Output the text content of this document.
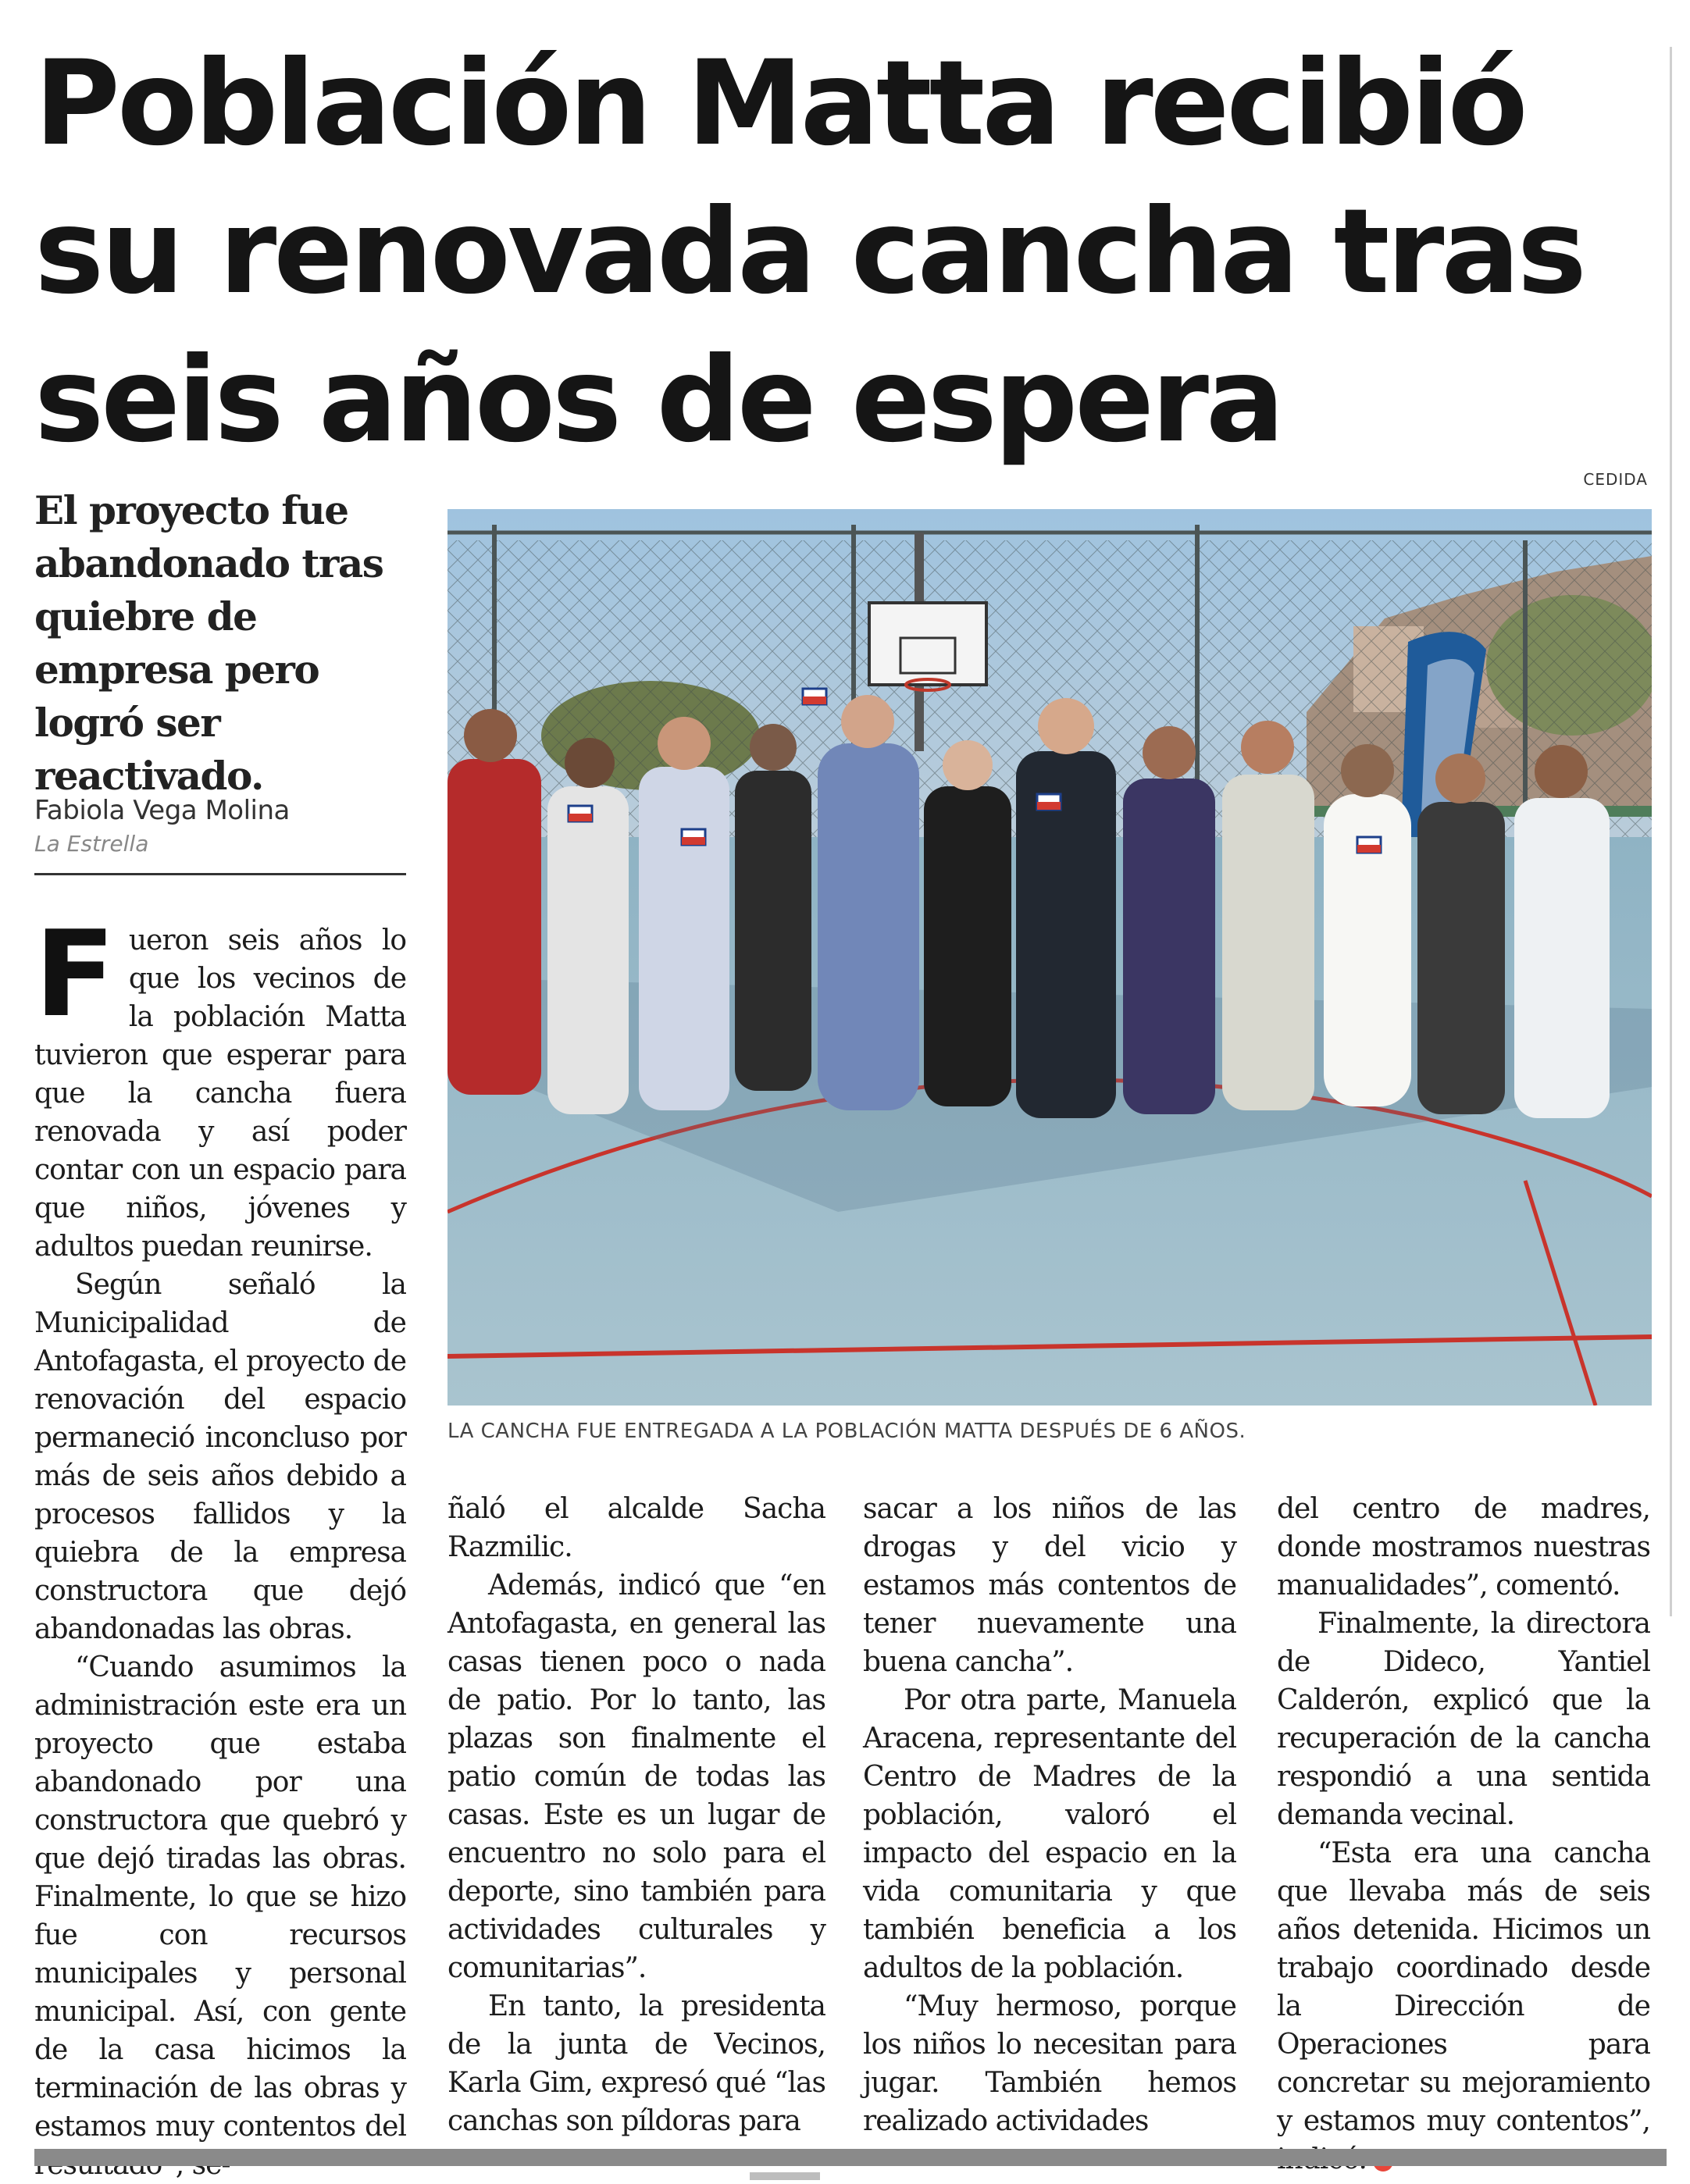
Población Matta recibió su renovada cancha tras seis años de espera
El proyecto fue abandonado tras quiebre de empresa pero logró ser reactivado.
Fabiola Vega Molina
La Estrella
CEDIDA
LA CANCHA FUE ENTREGADA A LA POBLACIÓN MATTA DESPUÉS DE 6 AÑOS.

Fueron seis años lo que los vecinos de la población Matta tuvieron que esperar para que la cancha fuera renovada y así poder contar con un espacio para que niños, jóvenes y adultos puedan reunirse.

Según señaló la Municipalidad de Antofagasta, el proyecto de renovación del espacio permaneció inconcluso por más de seis años debido a procesos fallidos y la quiebra de la empresa constructora que dejó abandonadas las obras.

“Cuando asumimos la administración este era un proyecto que estaba abandonado por una constructora que quebró y que dejó tiradas las obras. Finalmente, lo que se hizo fue con recursos municipales y personal municipal. Así, con gente de la casa hicimos la terminación de las obras y estamos muy contentos del

ñaló el alcalde Sacha Razmilic.

Además, indicó que “en Antofagasta, en general las casas tienen poco o nada de patio. Por lo tanto, las plazas son finalmente el patio común de todas las casas. Este es un lugar de encuentro no solo para el deporte, sino también para actividades culturales y comunitarias”.

En tanto, la presidenta de la junta de Vecinos, Karla Gim, expresó qué “las canchas son píldoras para

sacar a los niños de las drogas y del vicio y estamos más contentos de tener nuevamente una buena cancha”.

Por otra parte, Manuela Aracena, representante del Centro de Madres de la población, valoró el impacto del espacio en la vida comunitaria y que también beneficia a los adultos de la población.

“Muy hermoso, porque los niños lo necesitan para jugar. También hemos realizado actividades

del centro de madres, donde mostramos nuestras manualidades”, comentó.

Finalmente, la directora de Dideco, Yantiel Calderón, explicó que la recuperación de la cancha respondió a una sentida demanda vecinal.

“Esta era una cancha que llevaba más de seis años detenida. Hicimos un trabajo coordinado desde la Dirección de Operaciones para concretar su mejoramiento y estamos muy contentos”,
